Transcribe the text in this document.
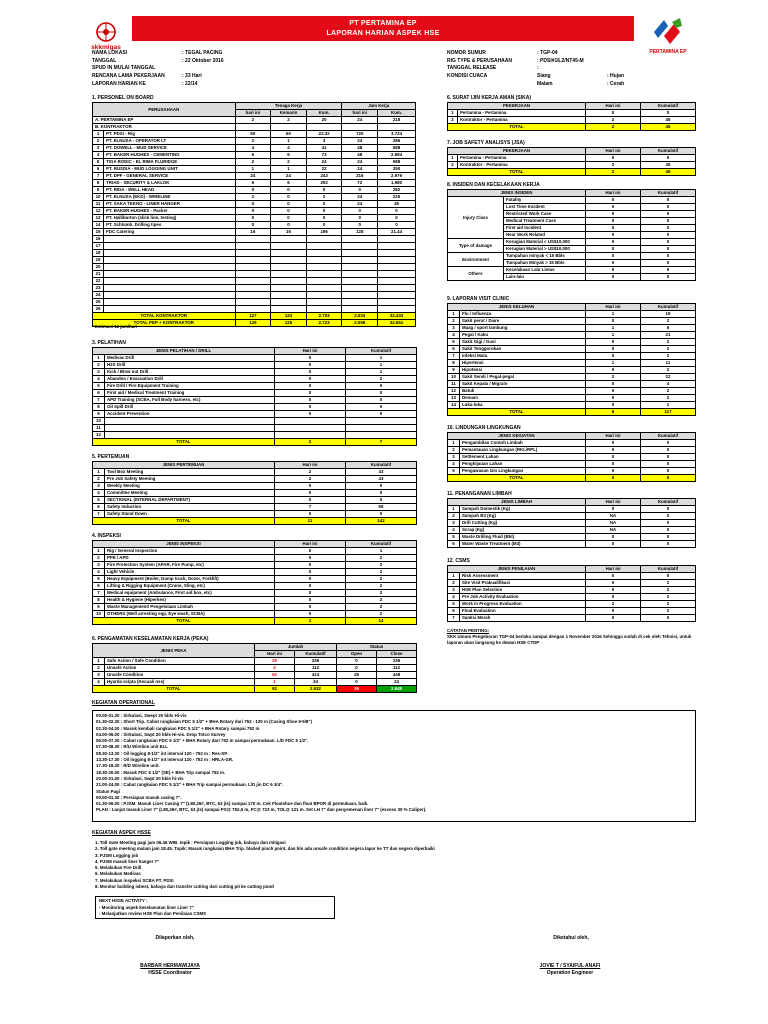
skkmigas
PT PERTAMINA EP
LAPORAN HARIAN ASPEK HSE
PERTAMINA EP
NAMA LOKASI	: TEGAL PACING
TANGGAL	: 22 Oktober 2016
SPUD IN MULAI TANGGAL
RENCANA LAMA PEKERJAAN	: 33 Hari
LAPORAN HARIAN KE	: 22/14
NOMOR SUMUR	: TGP-04
RIG TYPE & PERUSAHAAN	: PDSI#16.2/NT45-M
TANGGAL RELEASE	:
KONDISI CUACA	Siang	: Hujan
Malam	: Cerah
1. PERSONEL ON BOARD
PERUSAHAAN		Tenaga Kerja			Jam Kerja	
		hari ini	Kemarin	Kum.	hari ini	Kum.
A. PERTAMINA EP		2	2	20	24	218
B. KONTRAKTOR						
1	PT. PDSI - Rig	60	60	22.32	720	3.724
2	PT. ELNUSA - OPERATOR LT	2	1	3	24	286
3	PT. DOWELL - MUD SERVICE	4	4	41	48	688
4	PT. BAKER HUGHES - CEMENTING	6	6	73	48	2.694
5	TIGA RODIC - EL RIMA FLURIDGE	2	2	24	24	688
6	PT. RUSDIA - MUD LOGGING UNIT	1	1	22	24	250
7	PT. DPF - GENERAL SERVICE	24	24	243	216	2.976
8	TRIAD - SECURITY & LAKLOK	6	6	292	72	1.980
9	PT. RIDA - WELL HEAD	0	0	0	0	282
10	PT. ELNUSA (EKD) - WIRELINE	2	0	2	24	225
11	PT. SAKA TEKNO - LINER HANGER	0	0	0	24	48
12	PT. BAKER HUGHES - Packer	0	0	0	0	0
13	PT. Halliburton (slick line, testing)	0	0	0	0	0
14	PT. Schlumb. Drilling tipes	0	0	0	0	0
15	FDC Catering	16	16	196	128	21.44
16						
17						
18						
19						
20						
21						
22						
23						
24						
25						
26						
TOTAL KONTRAKTOR		127	123	2.703	2.034	32.433
TOTAL PEP + KONTRAKTOR		129	125	2.723	2.058	32.651
* Estimasi 12 jam/hari
3. PELATIHAN
JENIS PELATIHAN / DRILL		Hari ini	Kumulatif
1	Medivac Drill	0	1
2	H2S Drill	0	1
3	Kick / Blow out Drill	0	1
4	Abandon / Evacuation Drill	0	2
5	Fire Drill / Fire Equipment Training	0	0
6	First aid / Medical Treatment Training	0	0
7	APD Training (SCBA, Full Body harness, etc)	0	0
8	Oil Spill Drill	0	0
9	Accident Prevention	0	0
10			
11			
12			
TOTAL		2	7
5. PERTEMUAN
JENIS PERTEMUAN		Hari ini	Kumulatif
1	Tool Box Meeting	2	43
2	Pre Job Safety Meeting	2	43
3	Weekly Meeting	0	0
4	Committee Meeting	0	0
5	SECTIONAL (INTERNAL DEPARTMENT)	0	0
6	Safety Induction	7	58
7	Safety Stand Down	0	0
TOTAL		11	142
4. INSPEKSI
JENIS INSPEKSI		Hari ini	Kumulatif
1	Rig / General Inspection	0	1
2	PPE / APD	0	2
3	Fire Protection System (APAR, Fire Pump, etc)	0	2
4	Light Vehicle	0	2
5	Heavy Equipment (Boiler, Dump truck, Dozer, Forklift)	0	2
6	Lifting & Rigging Equipment (Crane, Sling, etc)	0	2
7	Medical equipment (Ambulance, First aid box, etc)	0	2
8	Health & Hygiene (Hiperkes)	0	2
9	Waste Management/ Pengelolaan Limbah	0	2
10	OTHERS (Well arresting eqp, Eye wash, SCBA)	0	2
TOTAL		1	14
6. PENGAMATAN KESELAMATAN KERJA (PEKA)
JENIS PEKA		Jumlah		Status	
		Hari ini	Kumulatif	Open	Close
1	Safe Action / Safe Condition	25	236	0	236
2	Unsafe Action	4	112	0	112
3	Unsafe Condition	62	424	26	448
4	Hyarda sclpta (Kecuali nss)	1	24	0	24
TOTAL		92	2.932	26	2.948
6. SURAT IJIN KERJA AMAN (SIKA)
PEKERJAAN		Hari ini	Kumulatif
1	Pertamina - Pertamina	0	0
2	Kontraktor - Pertamina	2	45
TOTAL		2	45
7. JOB SAFETY ANALISYS (JSA)
PEKERJAAN		Hari ini	Kumulatif
1	Pertamina - Pertamina	0	0
2	Kontraktor - Pertamina	2	45
TOTAL		2	45
8. INSIDEN DAN KECELAKAAN KERJA
JENIS INSIDEN		Hari ini	Kumulatif
Injury Class	Fatality	0	0
	Lost Time Incident	0	0
	Restricted Work Case	0	0
	Medical Treatment Case	0	0
	First aid Incident	0	0
	Near Work Related	0	0
Type of damage	Kerugian Material < US$10,000	0	0
	Kerugian Material > US$10,000	0	0
Environment	Tumpahan minyak < 15 Bbls	0	0
	Tumpahan Minyak > 15 Bbls	0	0
Others	Kecelakaan Lalu Lintas	0	0
	Lain-lain	0	0
9. LAPORAN VISIT CLINIC
JENIS KELUHAN		Hari ini	Kumulatif
1	Flu / Influenza	1	19
2	Sakit perut / Diare	0	2
3	Maag / sport lambung	1	6
4	Pegal / Kaku	1	21
5	Sakit Gigi / Gusi	0	2
6	Sakit Tenggorokan	0	2
7	Infeksi Mata	0	2
8	Hipertensi	1	11
9	Hipotensi	0	2
10	Sakit Sendi / Pegal-pegal	2	22
11	Sakit Kepala / Migrain	0	4
12	Batuk	0	2
13	Demam	0	2
14	Luka-luka	0	1
TOTAL		6	117
10. LINDUNGAN LINGKUNGAN
JENIS KEGIATAN		Hari ini	Kumulatif
1	Pengambilan Contoh Limbah	0	0
2	Pemantauan Lingkungan (RKL/RPL)	0	0
3	Settlement Lahan	0	0
4	Penghijauan Lahan	0	0
5	Pengawasan Izin Lingkungan	0	0
TOTAL		0	0
11. PENANGANAN LIMBAH
JENIS LIMBAH		Hari ini	Kumulatif
1	Sampah Domestik (Kg)	0	0
2	Sampah B3 (Kg)	NA	0
3	Drill Cutting (Kg)	NA	0
4	Scrap (Kg)	NA	0
5	Waste Drilling Fluid (Bbl)	0	0
6	Water Waste Treatment (M3)	0	0
12. CSMS
JENIS PENILAIAN		Hari ini	Kumulatif
1	Risk Assessment	0	0
2	Site Visit Prakualifikasi	0	2
3	HSE Plan Selection	0	2
4	Pre Job Activity Evaluation	0	2
5	Work in Progress Evaluation	2	2
6	Final Evaluation	0	2
7	Sanksi Merah	0	0
CATATAN PENTING:
SKK Umum Pengeboran TGP-04 berlaku sampai dengan 1 November 2016 Sehingga sudah di cek oleh Tehnisi, untuk laporan akan langsung ke dewan HSE CTDP
KEGIATAN OPERATIONAL
00.00-01.30 : Sirkulasi, Swept 20 bbls Hi-vis
01.30-02.30 : Short Trip. Cabut rangkaian FDC 5 1/2" + BHA Rotary dari 752 - 120 m (Casing Shoe 9-5/8")
02.30-04.00 : Masuk kembali rangkaian FDC 5 1/2" + BHA Rotary sampai 752 m
04.00-06.00 : Sirkulasi, Swpt 20 bbls Hi-vis. Drop Totco Survey
06.00-07.30 : Cabut rangkaian FDC 5 1/2" + BHA Rotary dari 752 m sampai permukaan. L/D FDC 5 1/2".
07.30-08.30 : R/U Wireline unit ELL
08.30-13.30 : Oil logging 8-1/2" int interval 120 - 752 m : Res-SP.
13.30-17.30 : Oil logging 8-1/2" int interval 120 - 752 m : HRLA-GR.
17.30-18.30 : R/D Wireline unit.
18.30-20.00 : Masuk FDC 5 1/2" (SE) + BHA Trip sampai 752 m.
20.00-21.00 : Sirkulasi, Swpt 20 bbls hi-vis
21.00-24.00 : Cabut rangkaian FDC 5 1/2" + BHA Trip sampai permukaan. L/D jin DC 6 3/4".
Status Pagi
00.00-01.30 : Persiapan masuk casing 7".
01.30-06.00 : PJSM. Masuk Liner Casing 7" (L80,26#, BTC, 63 jts) sampai 170 m. Cek Floatshoe dan float BPOR di permukaan, baik.
PLAN : Lanjut masuk Liner 7" (L80,26#, BTC, 63 jts) sampai PS@ 752,5 m, FC@ 723 m, TOL@ 121 m. Set LH 7" dan penyemenan liner 7" (excess 30 % Caliper).
KEGIATAN ASPEK HSSE
1. Toll Gate Meeting pagi jam 06.45 WIB. topik : Persiapan Logging job, bahaya dan mitigasi
2. Toll gate meeting malam jam 18.45. Topik: Masuk rangkaian BHA Trip. bladed pinch point, dan blo ada unsafe condition segera lapor ke TT dan segera diperbaiki
3. PJSM Logging job
4. PJSM masuk liner hanger 7"
5. Melakukan Fire Drill
6. Melakukan Medivac
7. Melakukan inspeksi SCBA PT. PDSI
8. Monitor building isbest, bahaya dan transfer cutting dari cutting pit ke cutting pond
NEXT HSSE ACTIVITY :
- Monitoring aspek keselamatan liner Liner 7"
- Melanjutkan review HSE Plan dan Penilaian CSMS
Dilaporkan oleh,	Diketahui oleh,
BARBAR HERMAWIJAYA
HSSE Coordinator
JOVIE T / SYAIFUL ANAFI
Operation Engineer
